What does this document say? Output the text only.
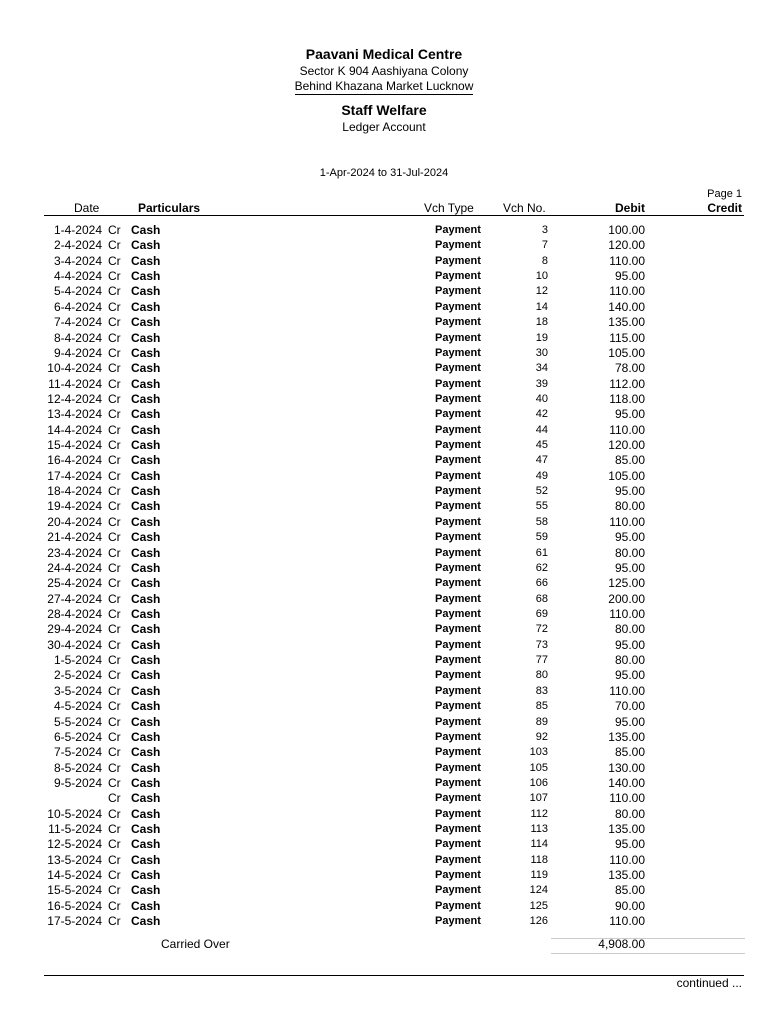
Paavani Medical Centre
Sector K 904 Aashiyana Colony
Behind Khazana Market Lucknow
Staff Welfare
Ledger Account
1-Apr-2024 to 31-Jul-2024
Page 1
Date	Particulars	Vch Type Vch No.	Debit	Credit
1-4-2024 Cr Cash	Payment	3	100.00
2-4-2024 Cr Cash	Payment	7	120.00
3-4-2024 Cr Cash	Payment	8	110.00
4-4-2024 Cr Cash	Payment	10	95.00
5-4-2024 Cr Cash	Payment	12	110.00
6-4-2024 Cr Cash	Payment	14	140.00
7-4-2024 Cr Cash	Payment	18	135.00
8-4-2024 Cr Cash	Payment	19	115.00
9-4-2024 Cr Cash	Payment	30	105.00
10-4-2024 Cr Cash	Payment	34	78.00
11-4-2024 Cr Cash	Payment	39	112.00
12-4-2024 Cr Cash	Payment	40	118.00
13-4-2024 Cr Cash	Payment	42	95.00
14-4-2024 Cr Cash	Payment	44	110.00
15-4-2024 Cr Cash	Payment	45	120.00
16-4-2024 Cr Cash	Payment	47	85.00
17-4-2024 Cr Cash	Payment	49	105.00
18-4-2024 Cr Cash	Payment	52	95.00
19-4-2024 Cr Cash	Payment	55	80.00
20-4-2024 Cr Cash	Payment	58	110.00
21-4-2024 Cr Cash	Payment	59	95.00
23-4-2024 Cr Cash	Payment	61	80.00
24-4-2024 Cr Cash	Payment	62	95.00
25-4-2024 Cr Cash	Payment	66	125.00
27-4-2024 Cr Cash	Payment	68	200.00
28-4-2024 Cr Cash	Payment	69	110.00
29-4-2024 Cr Cash	Payment	72	80.00
30-4-2024 Cr Cash	Payment	73	95.00
1-5-2024 Cr Cash	Payment	77	80.00
2-5-2024 Cr Cash	Payment	80	95.00
3-5-2024 Cr Cash	Payment	83	110.00
4-5-2024 Cr Cash	Payment	85	70.00
5-5-2024 Cr Cash	Payment	89	95.00
6-5-2024 Cr Cash	Payment	92	135.00
7-5-2024 Cr Cash	Payment	103	85.00
8-5-2024 Cr Cash	Payment	105	130.00
9-5-2024 Cr Cash	Payment	106	140.00
Cr Cash	Payment	107	110.00
10-5-2024 Cr Cash	Payment	112	80.00
11-5-2024 Cr Cash	Payment	113	135.00
12-5-2024 Cr Cash	Payment	114	95.00
13-5-2024 Cr Cash	Payment	118	110.00
14-5-2024 Cr Cash	Payment	119	135.00
15-5-2024 Cr Cash	Payment	124	85.00
16-5-2024 Cr Cash	Payment	125	90.00
17-5-2024 Cr Cash	Payment	126	110.00
Carried Over	4,908.00
continued ...
